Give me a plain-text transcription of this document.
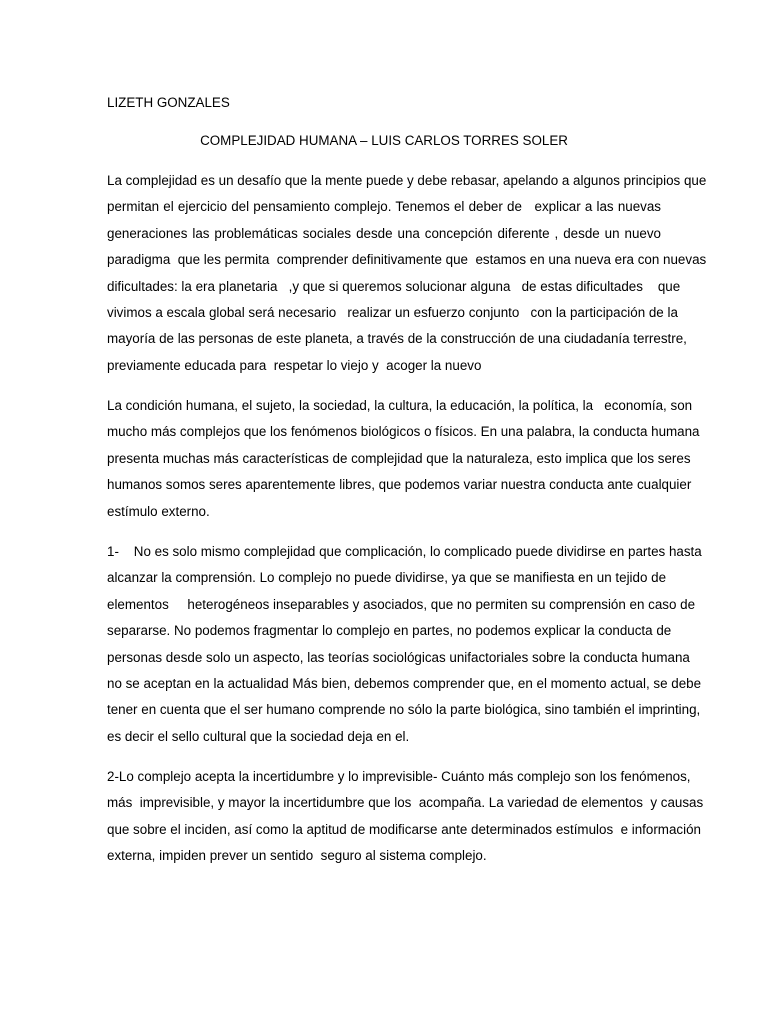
LIZETH GONZALES
COMPLEJIDAD HUMANA – LUIS CARLOS TORRES SOLER
La complejidad es un desafío que la mente puede y debe rebasar, apelando a algunos principios que
permitan el ejercicio del pensamiento complejo. Tenemos el deber de   explicar a las nuevas
generaciones las problemáticas sociales desde una concepción diferente , desde un nuevo
paradigma  que les permita  comprender definitivamente que  estamos en una nueva era con nuevas
dificultades: la era planetaria   ,y que si queremos solucionar alguna   de estas dificultades    que
vivimos a escala global será necesario   realizar un esfuerzo conjunto   con la participación de la
mayoría de las personas de este planeta, a través de la construcción de una ciudadanía terrestre,
previamente educada para  respetar lo viejo y  acoger la nuevo
La condición humana, el sujeto, la sociedad, la cultura, la educación, la política, la   economía, son
mucho más complejos que los fenómenos biológicos o físicos. En una palabra, la conducta humana
presenta muchas más características de complejidad que la naturaleza, esto implica que los seres
humanos somos seres aparentemente libres, que podemos variar nuestra conducta ante cualquier
estímulo externo.
1-    No es solo mismo complejidad que complicación, lo complicado puede dividirse en partes hasta
alcanzar la comprensión. Lo complejo no puede dividirse, ya que se manifiesta en un tejido de
elementos     heterogéneos inseparables y asociados, que no permiten su comprensión en caso de
separarse. No podemos fragmentar lo complejo en partes, no podemos explicar la conducta de
personas desde solo un aspecto, las teorías sociológicas unifactoriales sobre la conducta humana
no se aceptan en la actualidad Más bien, debemos comprender que, en el momento actual, se debe
tener en cuenta que el ser humano comprende no sólo la parte biológica, sino también el imprinting,
es decir el sello cultural que la sociedad deja en el.
2-Lo complejo acepta la incertidumbre y lo imprevisible- Cuánto más complejo son los fenómenos,
más  imprevisible, y mayor la incertidumbre que los  acompaña. La variedad de elementos  y causas
que sobre el inciden, así como la aptitud de modificarse ante determinados estímulos  e información
externa, impiden prever un sentido  seguro al sistema complejo.
